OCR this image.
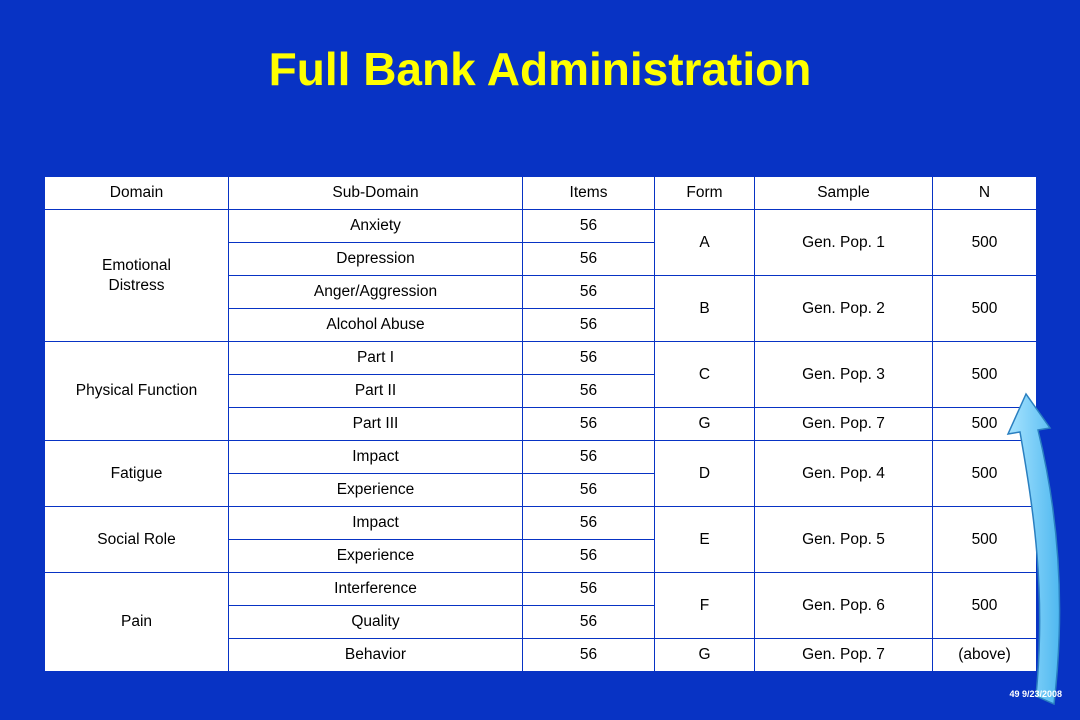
Full Bank Administration
Domain	Sub-Domain	Items	Form	Sample	N
Emotional Distress	Anxiety	56	A	Gen. Pop. 1	500
	Depression	56			
	Anger/Aggression	56	B	Gen. Pop. 2	500
	Alcohol Abuse	56			
Physical Function	Part I	56	C	Gen. Pop. 3	500
	Part II	56			
	Part III	56	G	Gen. Pop. 7	500
Fatigue	Impact	56	D	Gen. Pop. 4	500
	Experience	56			
Social Role	Impact	56	E	Gen. Pop. 5	500
	Experience	56			
Pain	Interference	56	F	Gen. Pop. 6	500
	Quality	56			
	Behavior	56	G	Gen. Pop. 7	(above)
49 9/23/2008
